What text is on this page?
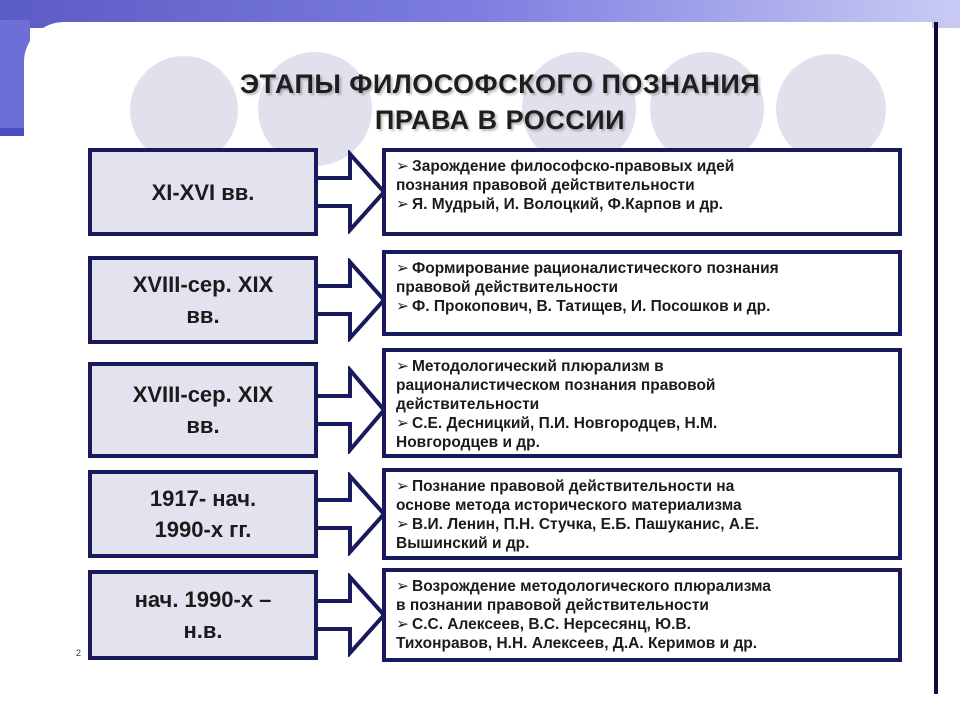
ЭТАПЫ ФИЛОСОФСКОГО ПОЗНАНИЯ
ПРАВА В РОССИИ
XI-XVI вв.

➢ Зарождение философско-правовых идей

познания правовой действительности

➢ Я. Мудрый, И. Волоцкий, Ф.Карпов и др.

XVIII-сер. XIX
вв.

➢ Формирование рационалистического познания

правовой действительности

➢ Ф. Прокопович, В. Татищев, И. Посошков и др.

XVIII-сер. XIX
вв.

➢ Методологический плюрализм в

рационалистическом познания правовой

действительности

➢ С.Е. Десницкий, П.И. Новгородцев, Н.М.

Новгородцев и др.

1917- нач.
1990-х гг.

➢ Познание правовой действительности на

основе метода исторического материализма

➢ В.И. Ленин, П.Н. Стучка, Е.Б. Пашуканис, А.Е.

Вышинский и др.

нач. 1990-х –
н.в.

➢ Возрождение методологического плюрализма

в познании правовой действительности

➢ С.С. Алексеев, В.С. Нерсесянц, Ю.В.

Тихонравов, Н.Н. Алексеев, Д.А. Керимов и др.

2
